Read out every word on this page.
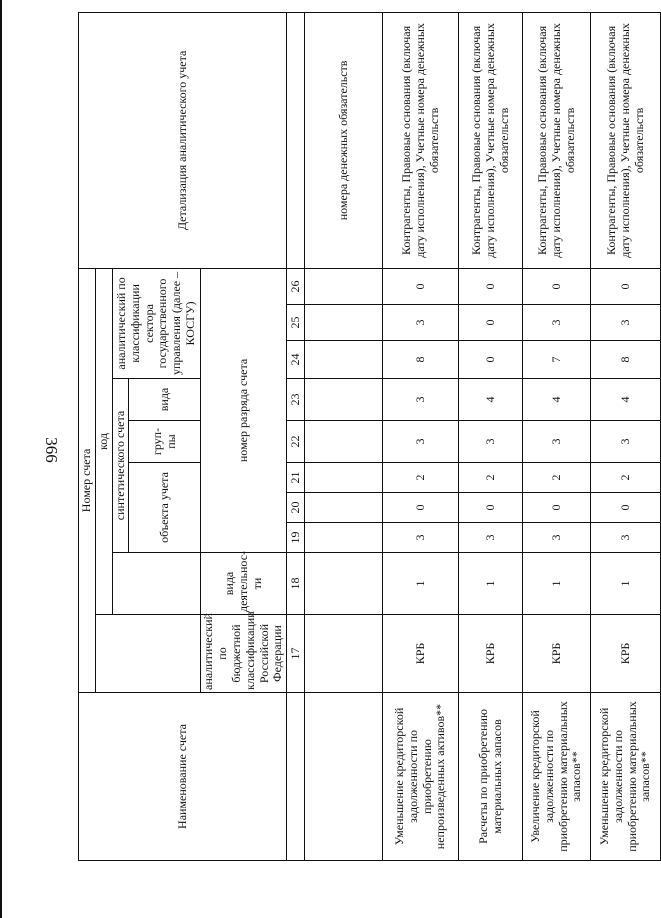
366
Наименование счета	Номер счета										Детализация аналитического учета
		код									
			синтетического счета					аналитический по классификации сектора государственного управления (далее – КОСГУ)			
			объекта учета			груп-пы	вида				
	аналитический по бюджетной классификации Российской Федерации	вида деятельнос-ти	номер разряда счета								
	17	18	19	20	21	22	23	24	25	26	
											номера денежных обязательств
Уменьшение кредиторской задолженности по приобретению непроизведенных активов**	КРБ	1	3	0	2	3	3	8	3	0	Контрагенты, Правовые основания (включая дату исполнения), Учетные номера денежных обязательств
Расчеты по приобретению материальных запасов	КРБ	1	3	0	2	3	4	0	0	0	Контрагенты, Правовые основания (включая дату исполнения), Учетные номера денежных обязательств
Увеличение кредиторской задолженности по приобретению материальных запасов**	КРБ	1	3	0	2	3	4	7	3	0	Контрагенты, Правовые основания (включая дату исполнения), Учетные номера денежных обязательств
Уменьшение кредиторской задолженности по приобретению материальных запасов**	КРБ	1	3	0	2	3	4	8	3	0	Контрагенты, Правовые основания (включая дату исполнения), Учетные номера денежных обязательств
